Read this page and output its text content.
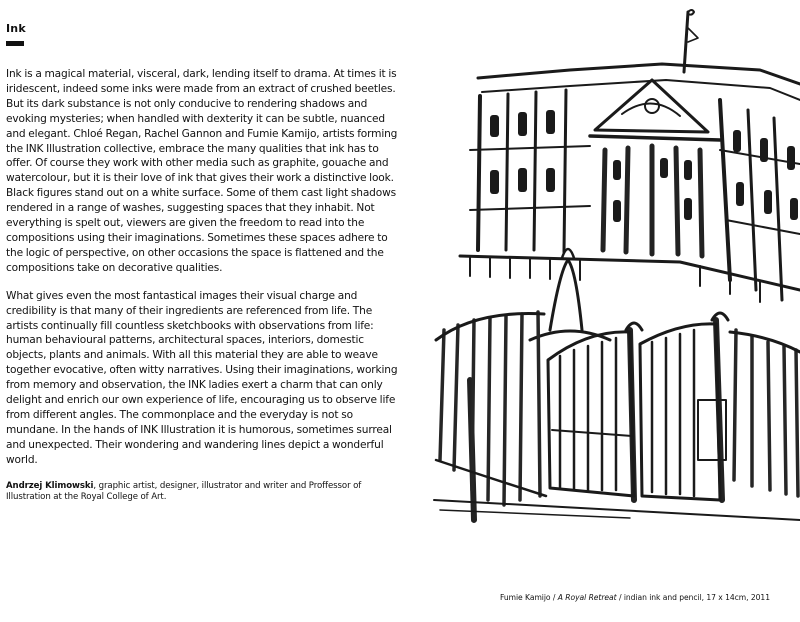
Ink

Ink is a magical material, visceral, dark, lending itself to drama. At times it is iridescent, indeed some inks were made from an extract of crushed beetles. But its dark substance is not only conducive to rendering shadows and evoking mysteries; when handled with dexterity it can be subtle, nuanced and elegant. Chloé Regan, Rachel Gannon and Fumie Kamijo, artists forming the INK Illustration collective, embrace the many qualities that ink has to offer. Of course they work with other media such as graphite, gouache and watercolour, but it is their love of ink that gives their work a distinctive look. Black figures stand out on a white surface. Some of them cast light shadows rendered in a range of washes, suggesting spaces that they inhabit. Not everything is spelt out, viewers are given the freedom to read into the compositions using their imaginations. Sometimes these spaces adhere to the logic of perspective, on other occasions the space is flattened and the compositions take on decorative qualities.

What gives even the most fantastical images their visual charge and credibility is that many of their ingredients are referenced from life. The artists continually fill countless sketchbooks with observations from life: human behavioural patterns, architectural spaces, interiors, domestic objects, plants and animals. With all this material they are able to weave together evocative, often witty narratives. Using their imaginations, working from memory and observation, the INK ladies exert a charm that can only delight and enrich our own experience of life, encouraging us to observe life from different angles. The commonplace and the everyday is not so mundane. In the hands of INK Illustration it is humorous, sometimes surreal and unexpected. Their wondering and wandering lines depict a wonderful world.

Andrzej Klimowski, graphic artist, designer, illustrator and writer and Proffessor of Illustration at the Royal College of Art.

Fumie Kamijo / A Royal Retreat / indian ink and pencil, 17 x 14cm, 2011
